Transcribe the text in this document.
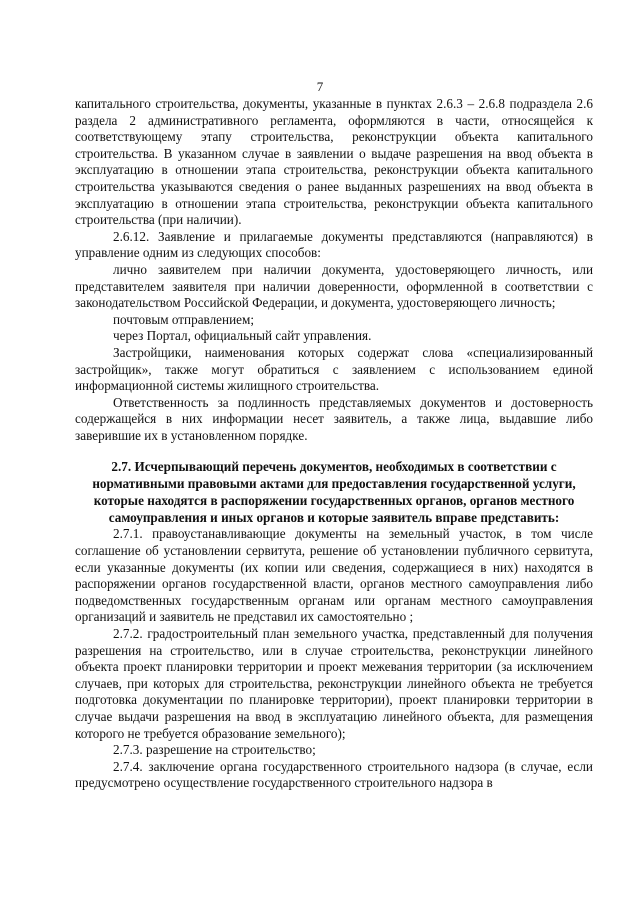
7

капитального строительства, документы, указанные в пунктах 2.6.3 – 2.6.8 подраздела 2.6 раздела 2 административного регламента, оформляются в части, относящейся к соответствующему этапу строительства, реконструкции объекта капитального строительства. В указанном случае в заявлении о выдаче разрешения на ввод объекта в эксплуатацию в отношении этапа строительства, реконструкции объекта капитального строительства указываются сведения о ранее выданных разрешениях на ввод объекта в эксплуатацию в отношении этапа строительства, реконструкции объекта капитального строительства (при наличии).

2.6.12. Заявление и прилагаемые документы представляются (направляются) в управление одним из следующих способов:

лично заявителем при наличии документа, удостоверяющего личность, или представителем заявителя при наличии доверенности, оформленной в соответствии с законодательством Российской Федерации, и документа, удостоверяющего личность;

почтовым отправлением;

через Портал, официальный сайт управления.

Застройщики, наименования которых содержат слова «специализированный застройщик», также могут обратиться с заявлением с использованием единой информационной системы жилищного строительства.

Ответственность за подлинность представляемых документов и достоверность содержащейся в них информации несет заявитель, а также лица, выдавшие либо заверившие их в установленном порядке.

2.7. Исчерпывающий перечень документов, необходимых в соответствии с нормативными правовыми актами для предоставления государственной услуги, которые находятся в распоряжении государственных органов, органов местного самоуправления и иных органов и которые заявитель вправе представить:

2.7.1. правоустанавливающие документы на земельный участок, в том числе соглашение об установлении сервитута, решение об установлении публичного сервитута, если указанные документы (их копии или сведения, содержащиеся в них) находятся в распоряжении органов государственной власти, органов местного самоуправления либо подведомственных государственным органам или органам местного самоуправления организаций и заявитель не представил их самостоятельно ;

2.7.2. градостроительный план земельного участка, представленный для получения разрешения на строительство, или в случае строительства, реконструкции линейного объекта проект планировки территории и проект межевания территории (за исключением случаев, при которых для строительства, реконструкции линейного объекта не требуется подготовка документации по планировке территории), проект планировки территории в случае выдачи разрешения на ввод в эксплуатацию линейного объекта, для размещения которого не требуется образование земельного);

2.7.3. разрешение на строительство;

2.7.4. заключение органа государственного строительного надзора (в случае, если предусмотрено осуществление государственного строительного надзора в
